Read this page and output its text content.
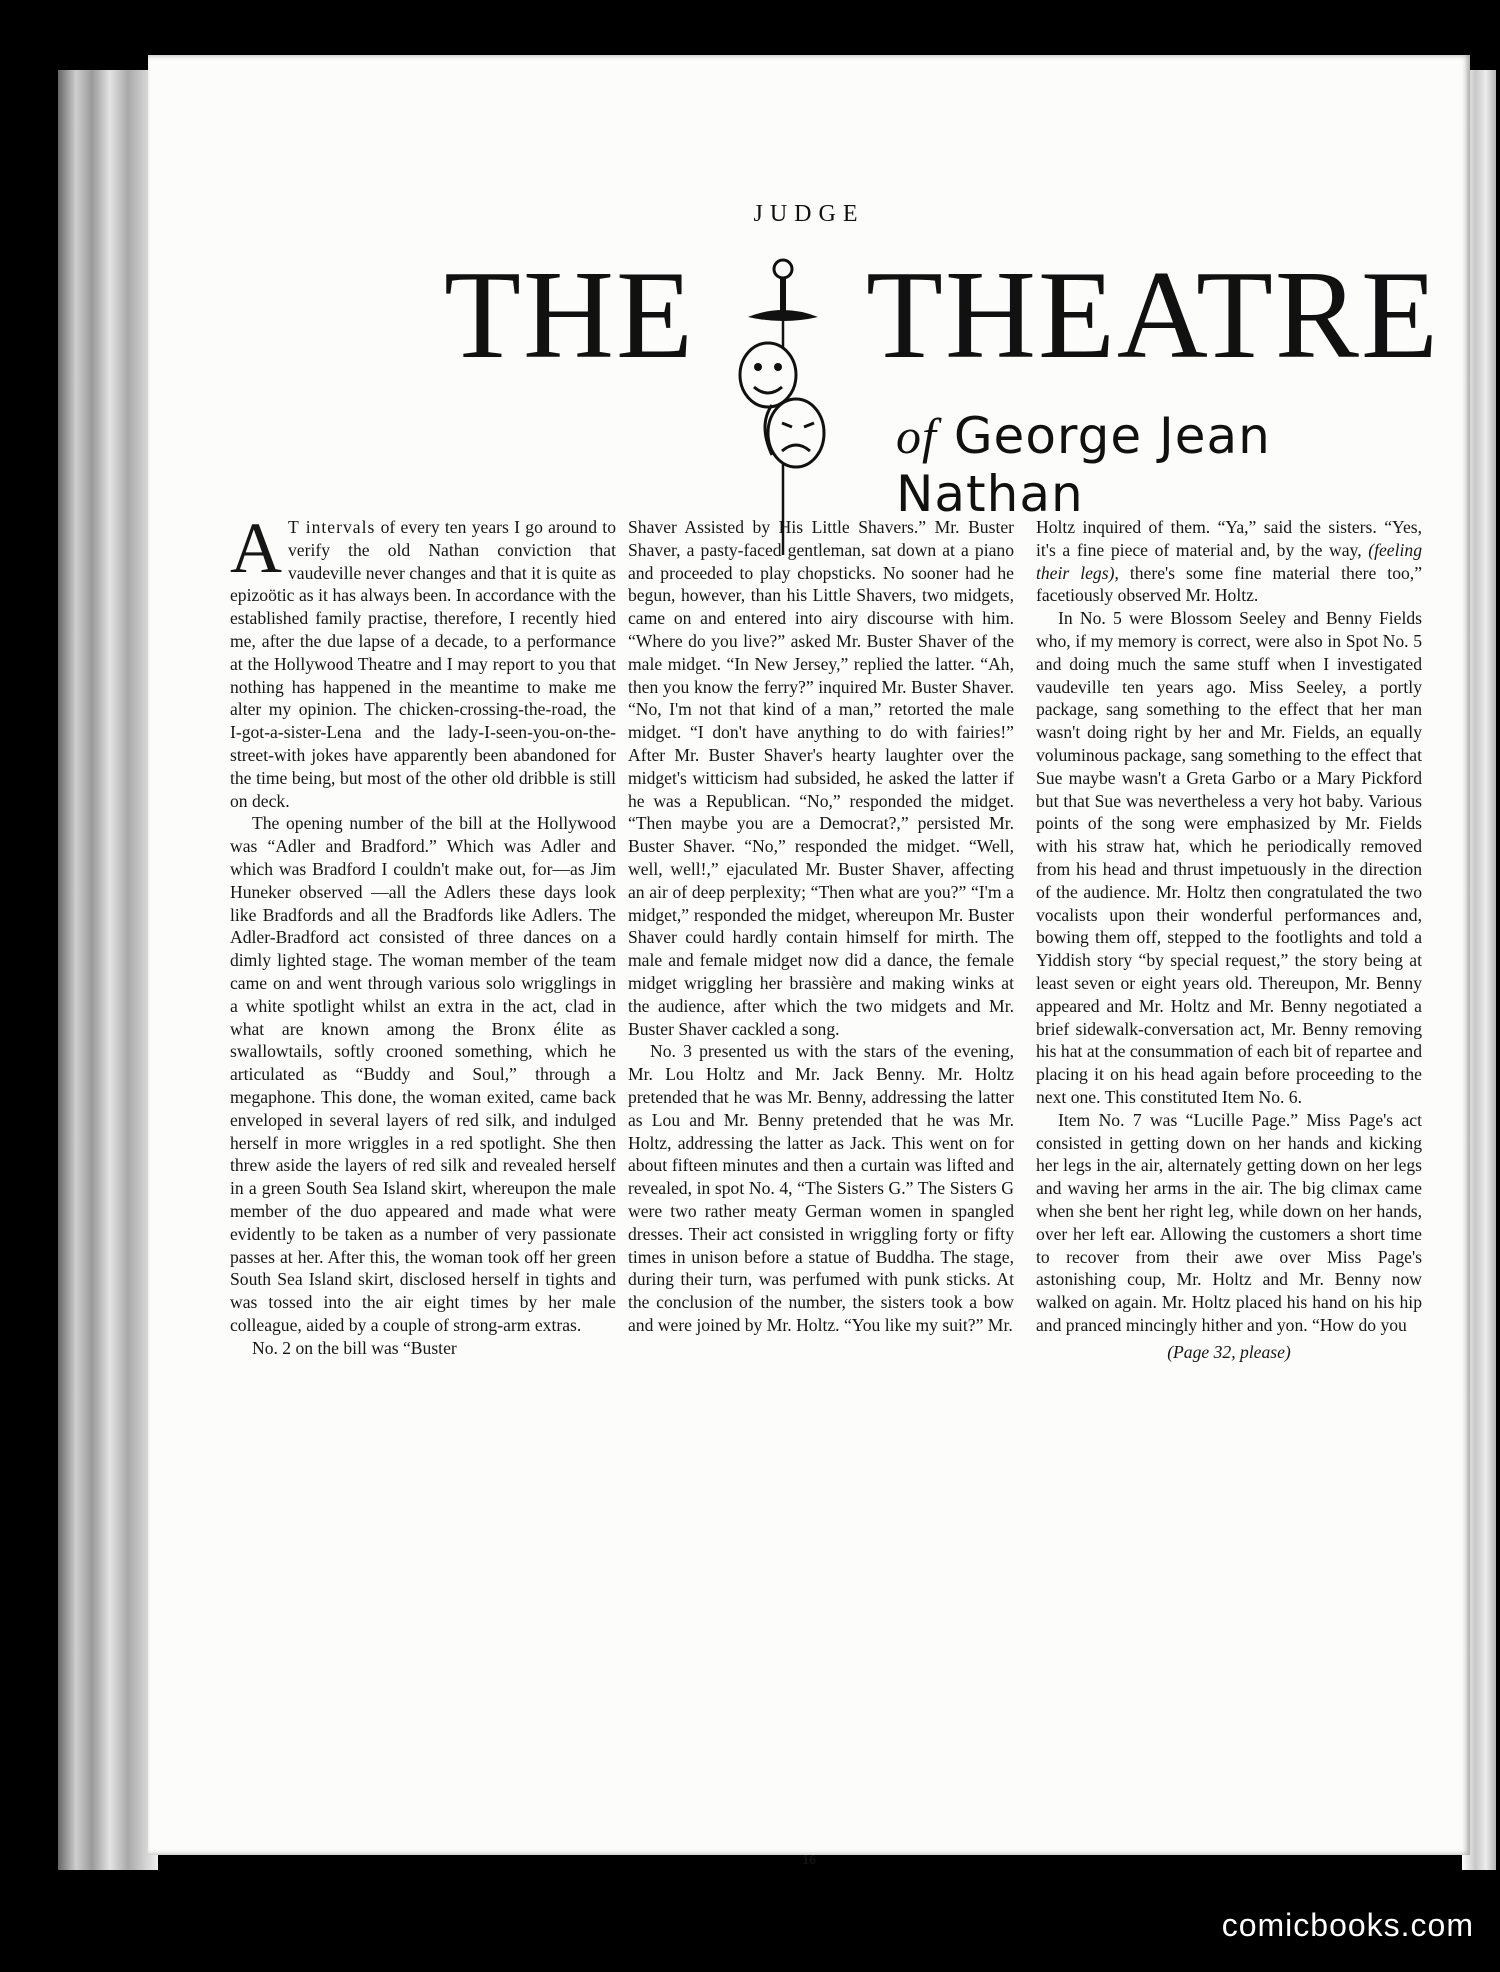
JUDGE
THE THEATRE
of George Jean Nathan
16

A T intervals of every ten years I go around to verify the old Nathan conviction that vaudeville never changes and that it is quite as epizoötic as it has always been. In accordance with the established family practise, therefore, I recently hied me, after the due lapse of a decade, to a performance at the Hollywood Theatre and I may report to you that nothing has happened in the meantime to make me alter my opinion. The chicken-crossing-the-road, the I-got-a-sister-Lena and the lady-I-seen-you-on-the-street-with jokes have apparently been abandoned for the time being, but most of the other old dribble is still on deck.

The opening number of the bill at the Hollywood was “Adler and Bradford.” Which was Adler and which was Bradford I couldn't make out, for—as Jim Huneker observed —all the Adlers these days look like Bradfords and all the Bradfords like Adlers. The Adler-Bradford act consisted of three dances on a dimly lighted stage. The woman member of the team came on and went through various solo wrigglings in a white spotlight whilst an extra in the act, clad in what are known among the Bronx élite as swallowtails, softly crooned something, which he articulated as “Buddy and Soul,” through a megaphone. This done, the woman exited, came back enveloped in several layers of red silk, and indulged herself in more wriggles in a red spotlight. She then threw aside the layers of red silk and revealed herself in a green South Sea Island skirt, whereupon the male member of the duo appeared and made what were evidently to be taken as a number of very passionate passes at her. After this, the woman took off her green South Sea Island skirt, disclosed herself in tights and was tossed into the air eight times by her male colleague, aided by a couple of strong-arm extras.

No. 2 on the bill was “Buster

Shaver Assisted by His Little Shavers.” Mr. Buster Shaver, a pasty-faced gentleman, sat down at a piano and proceeded to play chopsticks. No sooner had he begun, however, than his Little Shavers, two midgets, came on and entered into airy discourse with him. “Where do you live?” asked Mr. Buster Shaver of the male midget. “In New Jersey,” replied the latter. “Ah, then you know the ferry?” inquired Mr. Buster Shaver. “No, I'm not that kind of a man,” retorted the male midget. “I don't have anything to do with fairies!” After Mr. Buster Shaver's hearty laughter over the midget's witticism had subsided, he asked the latter if he was a Republican. “No,” responded the midget. “Then maybe you are a Democrat?,” persisted Mr. Buster Shaver. “No,” responded the midget. “Well, well, well!,” ejaculated Mr. Buster Shaver, affecting an air of deep perplexity; “Then what are you?” “I'm a midget,” responded the midget, whereupon Mr. Buster Shaver could hardly contain himself for mirth. The male and female midget now did a dance, the female midget wriggling her brassière and making winks at the audience, after which the two midgets and Mr. Buster Shaver cackled a song.

No. 3 presented us with the stars of the evening, Mr. Lou Holtz and Mr. Jack Benny. Mr. Holtz pretended that he was Mr. Benny, addressing the latter as Lou and Mr. Benny pretended that he was Mr. Holtz, addressing the latter as Jack. This went on for about fifteen minutes and then a curtain was lifted and revealed, in spot No. 4, “The Sisters G.” The Sisters G were two rather meaty German women in spangled dresses. Their act consisted in wriggling forty or fifty times in unison before a statue of Buddha. The stage, during their turn, was perfumed with punk sticks. At the conclusion of the number, the sisters took a bow and were joined by Mr. Holtz. “You like my suit?” Mr.

Holtz inquired of them. “Ya,” said the sisters. “Yes, it's a fine piece of material and, by the way, (feeling their legs), there's some fine material there too,” facetiously observed Mr. Holtz.

In No. 5 were Blossom Seeley and Benny Fields who, if my memory is correct, were also in Spot No. 5 and doing much the same stuff when I investigated vaudeville ten years ago. Miss Seeley, a portly package, sang something to the effect that her man wasn't doing right by her and Mr. Fields, an equally voluminous package, sang something to the effect that Sue maybe wasn't a Greta Garbo or a Mary Pickford but that Sue was nevertheless a very hot baby. Various points of the song were emphasized by Mr. Fields with his straw hat, which he periodically removed from his head and thrust impetuously in the direction of the audience. Mr. Holtz then congratulated the two vocalists upon their wonderful performances and, bowing them off, stepped to the footlights and told a Yiddish story “by special request,” the story being at least seven or eight years old. Thereupon, Mr. Benny appeared and Mr. Holtz and Mr. Benny negotiated a brief sidewalk-conversation act, Mr. Benny removing his hat at the consummation of each bit of repartee and placing it on his head again before proceeding to the next one. This constituted Item No. 6.

Item No. 7 was “Lucille Page.” Miss Page's act consisted in getting down on her hands and kicking her legs in the air, alternately getting down on her legs and waving her arms in the air. The big climax came when she bent her right leg, while down on her hands, over her left ear. Allowing the customers a short time to recover from their awe over Miss Page's astonishing coup, Mr. Holtz and Mr. Benny now walked on again. Mr. Holtz placed his hand on his hip and pranced mincingly hither and yon. “How do you

(Page 32, please)
comicbooks.com
